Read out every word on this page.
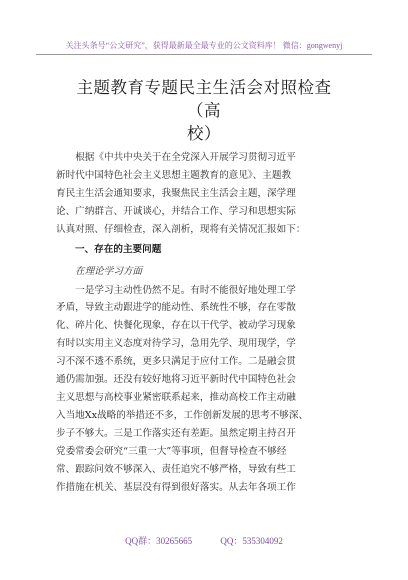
关注头条号“公文研究”，获得最新最全最专业的公文资料库！ 微信：gongwenyj
主题教育专题民主生活会对照检查（高
校）

根据《中共中央关于在全党深入开展学习贯彻习近平

新时代中国特色社会主义思想主题教育的意见》、主题教
育民主生活会通知要求，我聚焦民主生活会主题，深学理
论、广纳群言、开诚谈心，并结合工作、学习和思想实际
认真对照、仔细检查，深入剖析，现将有关情况汇报如下：
一、存在的主要问题
在理论学习方面

一是学习主动性仍然不足。有时不能很好地处理工学

矛盾，导致主动跟进学的能动性、系统性不够，存在零散
化、碎片化、快餐化现象，存在以干代学、被动学习现象
有时以实用主义态度对待学习，急用先学、现用现学，学
习不深不透不系统，更多只满足于应付工作。二是融会贯
通仍需加强。还没有较好地将习近平新时代中国特色社会
主义思想与高校事业紧密联系起来，推动高校工作主动融
入当地Xx战略的举措还不多，工作创新发展的思考不够深、
步子不够大。三是工作落实还有差距。虽然定期主持召开
党委常委会研究“三重一大”等事项，但督导检查不够经
常、跟踪问效不够深入、责任追究不够严格，导致有些工
作措施在机关、基层没有得到很好落实。从去年各项工作
QQ群：30265665	QQ：535304092
